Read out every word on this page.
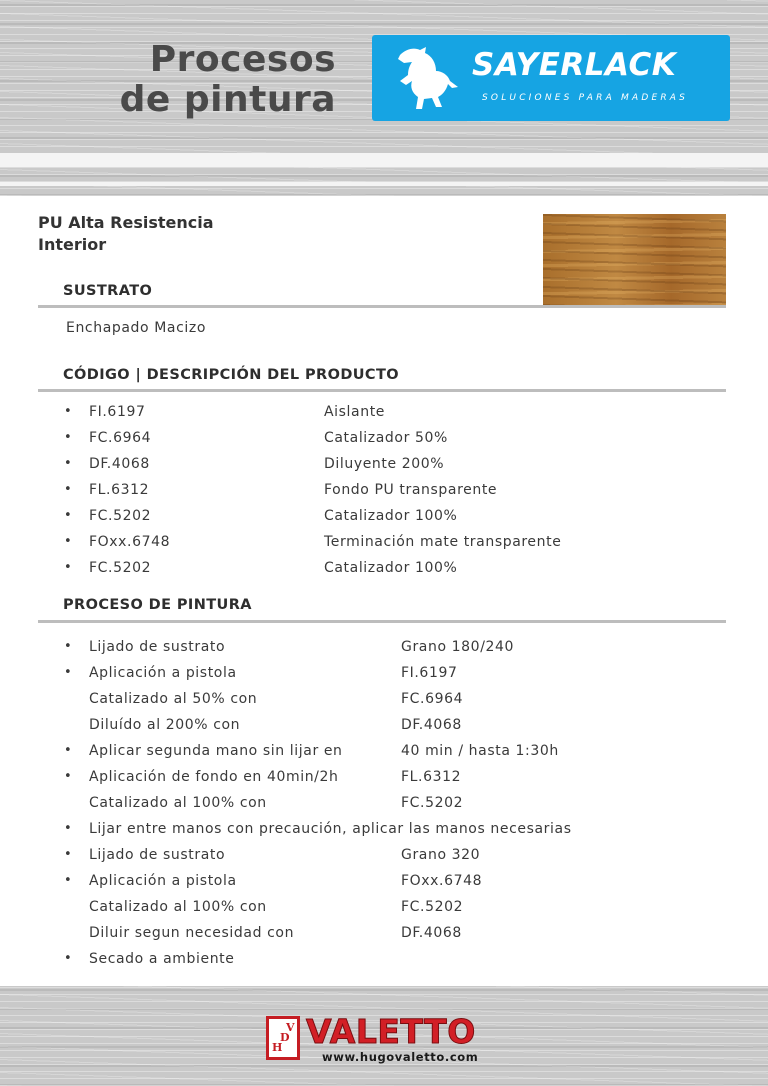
Procesos
de pintura
SAYERLACK
SOLUCIONES PARA MADERAS
PU Alta Resistencia
Interior
SUSTRATO
Enchapado Macizo
CÓDIGO | DESCRIPCIÓN DEL PRODUCTO
• FI.6197	Aislante
• FC.6964	Catalizador 50%
• DF.4068	Diluyente 200%
• FL.6312	Fondo PU transparente
• FC.5202	Catalizador 100%
• FOxx.6748	Terminación mate transparente
• FC.5202	Catalizador 100%
PROCESO DE PINTURA
• Lijado de sustrato	Grano 180/240
• Aplicación a pistola	FI.6197
Catalizado al 50% con	FC.6964
Diluído al 200% con	DF.4068
• Aplicar segunda mano sin lijar en	40 min / hasta 1:30h
• Aplicación de fondo en 40min/2h	FL.6312
Catalizado al 100% con	FC.5202
• Lijar entre manos con precaución, aplicar las manos necesarias
• Lijado de sustrato	Grano 320
• Aplicación a pistola	FOxx.6748
Catalizado al 100% con	FC.5202
Diluir segun necesidad con	DF.4068
• Secado a ambiente
H
V
D VALETTO
www.hugovaletto.com
